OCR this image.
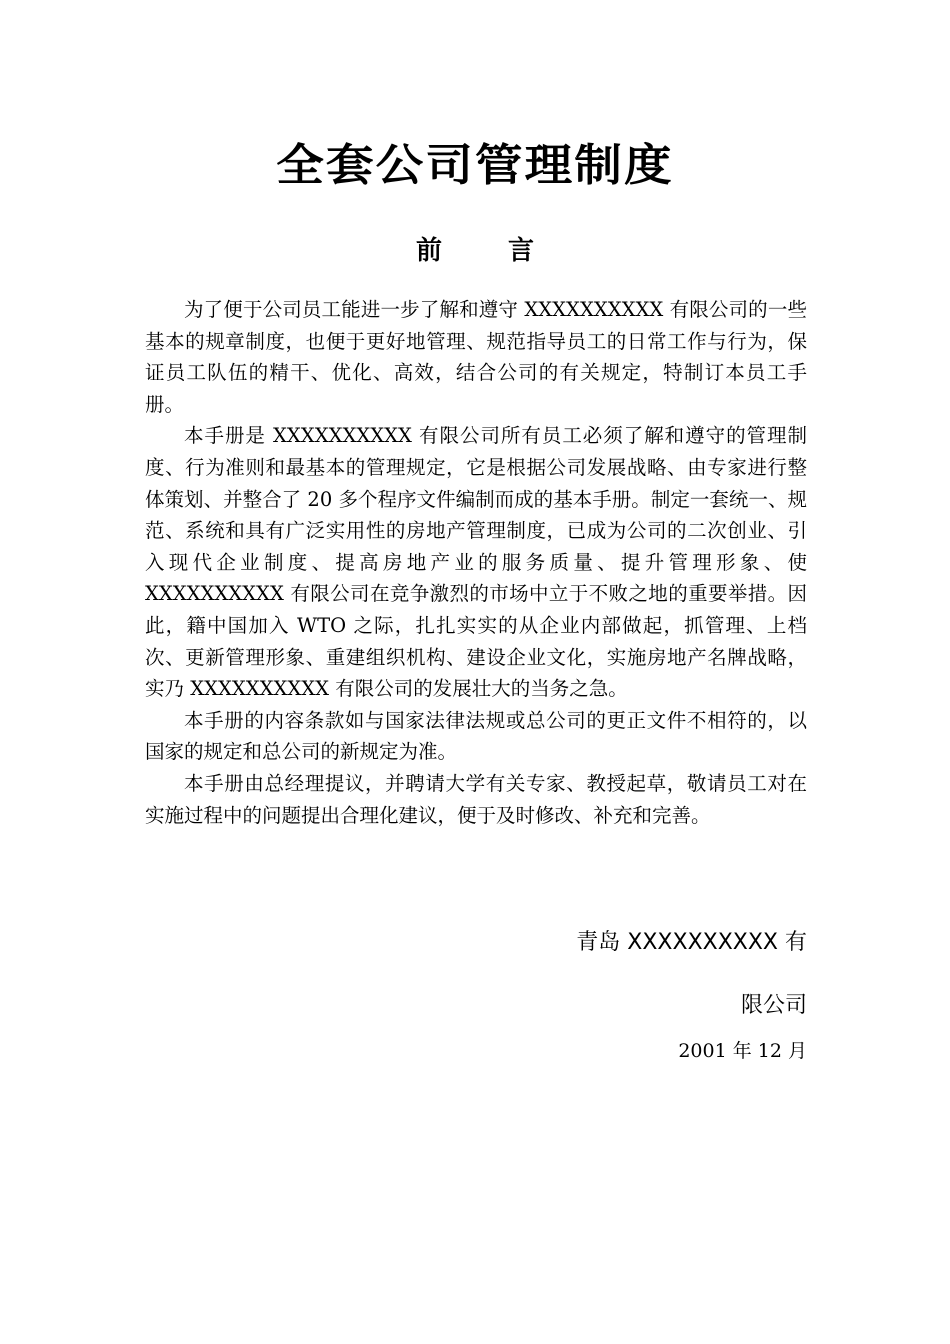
全套公司管理制度
前	言

为了便于公司员工能进一步了解和遵守 XXXXXXXXXX 有限公司的一些基本的规章制度，也便于更好地管理、规范指导员工的日常工作与行为，保证员工队伍的精干、优化、高效，结合公司的有关规定，特制订本员工手册。

本手册是 XXXXXXXXXX 有限公司所有员工必须了解和遵守的管理制度、行为准则和最基本的管理规定，它是根据公司发展战略、由专家进行整体策划、并整合了 20 多个程序文件编制而成的基本手册。制定一套统一、规范、系统和具有广泛实用性的房地产管理制度，已成为公司的二次创业、引入现代企业制度、提高房地产业的服务质量、提升管理形象、使 XXXXXXXXXX 有限公司在竞争激烈的市场中立于不败之地的重要举措。因此，籍中国加入 WTO 之际，扎扎实实的从企业内部做起，抓管理、上档次、更新管理形象、重建组织机构、建设企业文化，实施房地产名牌战略，实乃 XXXXXXXXXX 有限公司的发展壮大的当务之急。

本手册的内容条款如与国家法律法规或总公司的更正文件不相符的，以国家的规定和总公司的新规定为准。

本手册由总经理提议，并聘请大学有关专家、教授起草，敬请员工对在实施过程中的问题提出合理化建议，便于及时修改、补充和完善。

青岛 XXXXXXXXXX 有

限公司

2001 年 12 月
